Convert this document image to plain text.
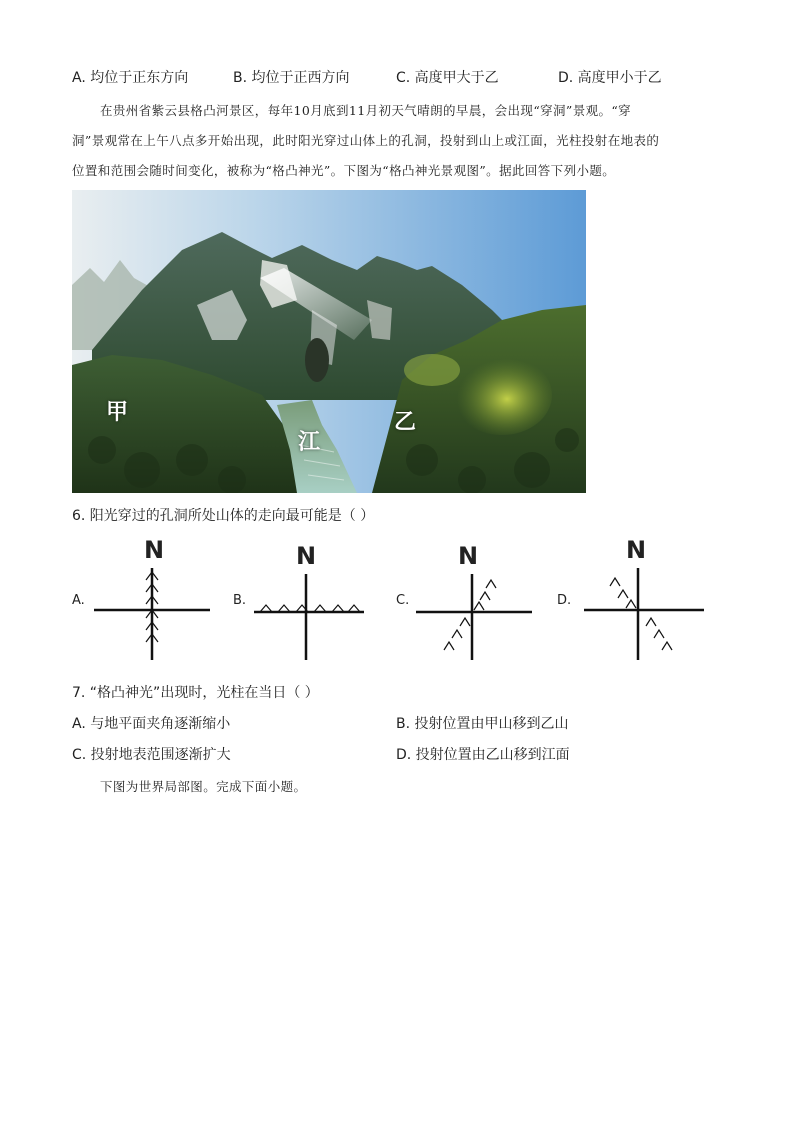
A. 均位于正东方向	B. 均位于正西方向	C. 高度甲大于乙	D. 高度甲小于乙
在贵州省紫云县格凸河景区，每年10月底到11月初天气晴朗的早晨，会出现“穿洞”景观。“穿
洞”景观常在上午八点多开始出现，此时阳光穿过山体上的孔洞，投射到山上或江面，光柱投射在地表的
位置和范围会随时间变化，被称为“格凸神光”。下图为“格凸神光景观图”。据此回答下列小题。
甲
江
乙
6. 阳光穿过的孔洞所处山体的走向最可能是（ ）
A.	B.	C.	D.
N	N	N	N
7. “格凸神光”出现时，光柱在当日（ ）
A. 与地平面夹角逐渐缩小	B. 投射位置由甲山移到乙山
C. 投射地表范围逐渐扩大	D. 投射位置由乙山移到江面
下图为世界局部图。完成下面小题。
